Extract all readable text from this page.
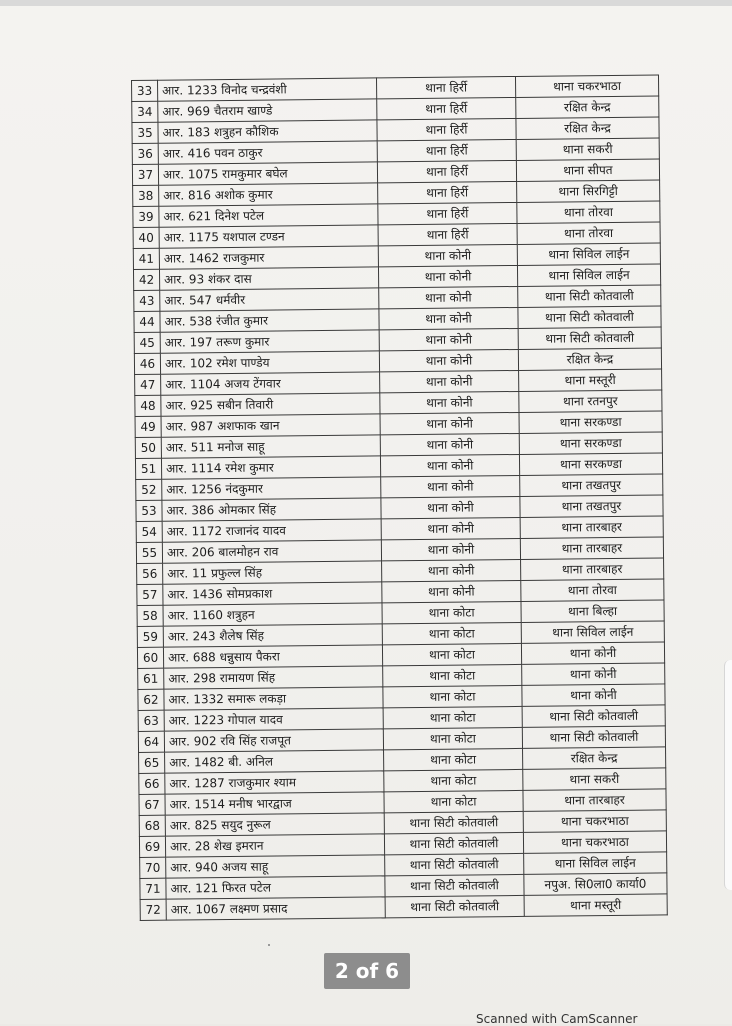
33	आर. 1233 विनोद चन्द्रवंशी	थाना हिर्री	थाना चकरभाठा
34	आर. 969 चैतराम खाण्डे	थाना हिर्री	रक्षित केन्द्र
35	आर. 183 शत्रुहन कौशिक	थाना हिर्री	रक्षित केन्द्र
36	आर. 416 पवन ठाकुर	थाना हिर्री	थाना सकरी
37	आर. 1075 रामकुमार बघेल	थाना हिर्री	थाना सीपत
38	आर. 816 अशोक कुमार	थाना हिर्री	थाना सिरगिट्टी
39	आर. 621 दिनेश पटेल	थाना हिर्री	थाना तोरवा
40	आर. 1175 यशपाल टण्डन	थाना हिर्री	थाना तोरवा
41	आर. 1462 राजकुमार	थाना कोनी	थाना सिविल लाईन
42	आर. 93 शंकर दास	थाना कोनी	थाना सिविल लाईन
43	आर. 547 धर्मवीर	थाना कोनी	थाना सिटी कोतवाली
44	आर. 538 रंजीत कुमार	थाना कोनी	थाना सिटी कोतवाली
45	आर. 197 तरूण कुमार	थाना कोनी	थाना सिटी कोतवाली
46	आर. 102 रमेश पाण्डेय	थाना कोनी	रक्षित केन्द्र
47	आर. 1104 अजय टेंगवार	थाना कोनी	थाना मस्तूरी
48	आर. 925 सबीन तिवारी	थाना कोनी	थाना रतनपुर
49	आर. 987 अशफाक खान	थाना कोनी	थाना सरकण्डा
50	आर. 511 मनोज साहू	थाना कोनी	थाना सरकण्डा
51	आर. 1114 रमेश कुमार	थाना कोनी	थाना सरकण्डा
52	आर. 1256 नंदकुमार	थाना कोनी	थाना तखतपुर
53	आर. 386 ओमकार सिंह	थाना कोनी	थाना तखतपुर
54	आर. 1172 राजानंद यादव	थाना कोनी	थाना तारबाहर
55	आर. 206 बालमोहन राव	थाना कोनी	थाना तारबाहर
56	आर. 11 प्रफुल्ल सिंह	थाना कोनी	थाना तारबाहर
57	आर. 1436 सोमप्रकाश	थाना कोनी	थाना तोरवा
58	आर. 1160 शत्रुहन	थाना कोटा	थाना बिल्हा
59	आर. 243 शैलेष सिंह	थाना कोटा	थाना सिविल लाईन
60	आर. 688 धन्नुसाय पैकरा	थाना कोटा	थाना कोनी
61	आर. 298 रामायण सिंह	थाना कोटा	थाना कोनी
62	आर. 1332 समारू लकड़ा	थाना कोटा	थाना कोनी
63	आर. 1223 गोपाल यादव	थाना कोटा	थाना सिटी कोतवाली
64	आर. 902 रवि सिंह राजपूत	थाना कोटा	थाना सिटी कोतवाली
65	आर. 1482 बी. अनिल	थाना कोटा	रक्षित केन्द्र
66	आर. 1287 राजकुमार श्याम	थाना कोटा	थाना सकरी
67	आर. 1514 मनीष भारद्वाज	थाना कोटा	थाना तारबाहर
68	आर. 825 सयुद नुरूल	थाना सिटी कोतवाली	थाना चकरभाठा
69	आर. 28 शेख इमरान	थाना सिटी कोतवाली	थाना चकरभाठा
70	आर. 940 अजय साहू	थाना सिटी कोतवाली	थाना सिविल लाईन
71	आर. 121 फिरत पटेल	थाना सिटी कोतवाली	नपुअ. सि0ला0 कार्या0
72	आर. 1067 लक्ष्मण प्रसाद	थाना सिटी कोतवाली	थाना मस्तूरी
2 of 6
Scanned with CamScanner
